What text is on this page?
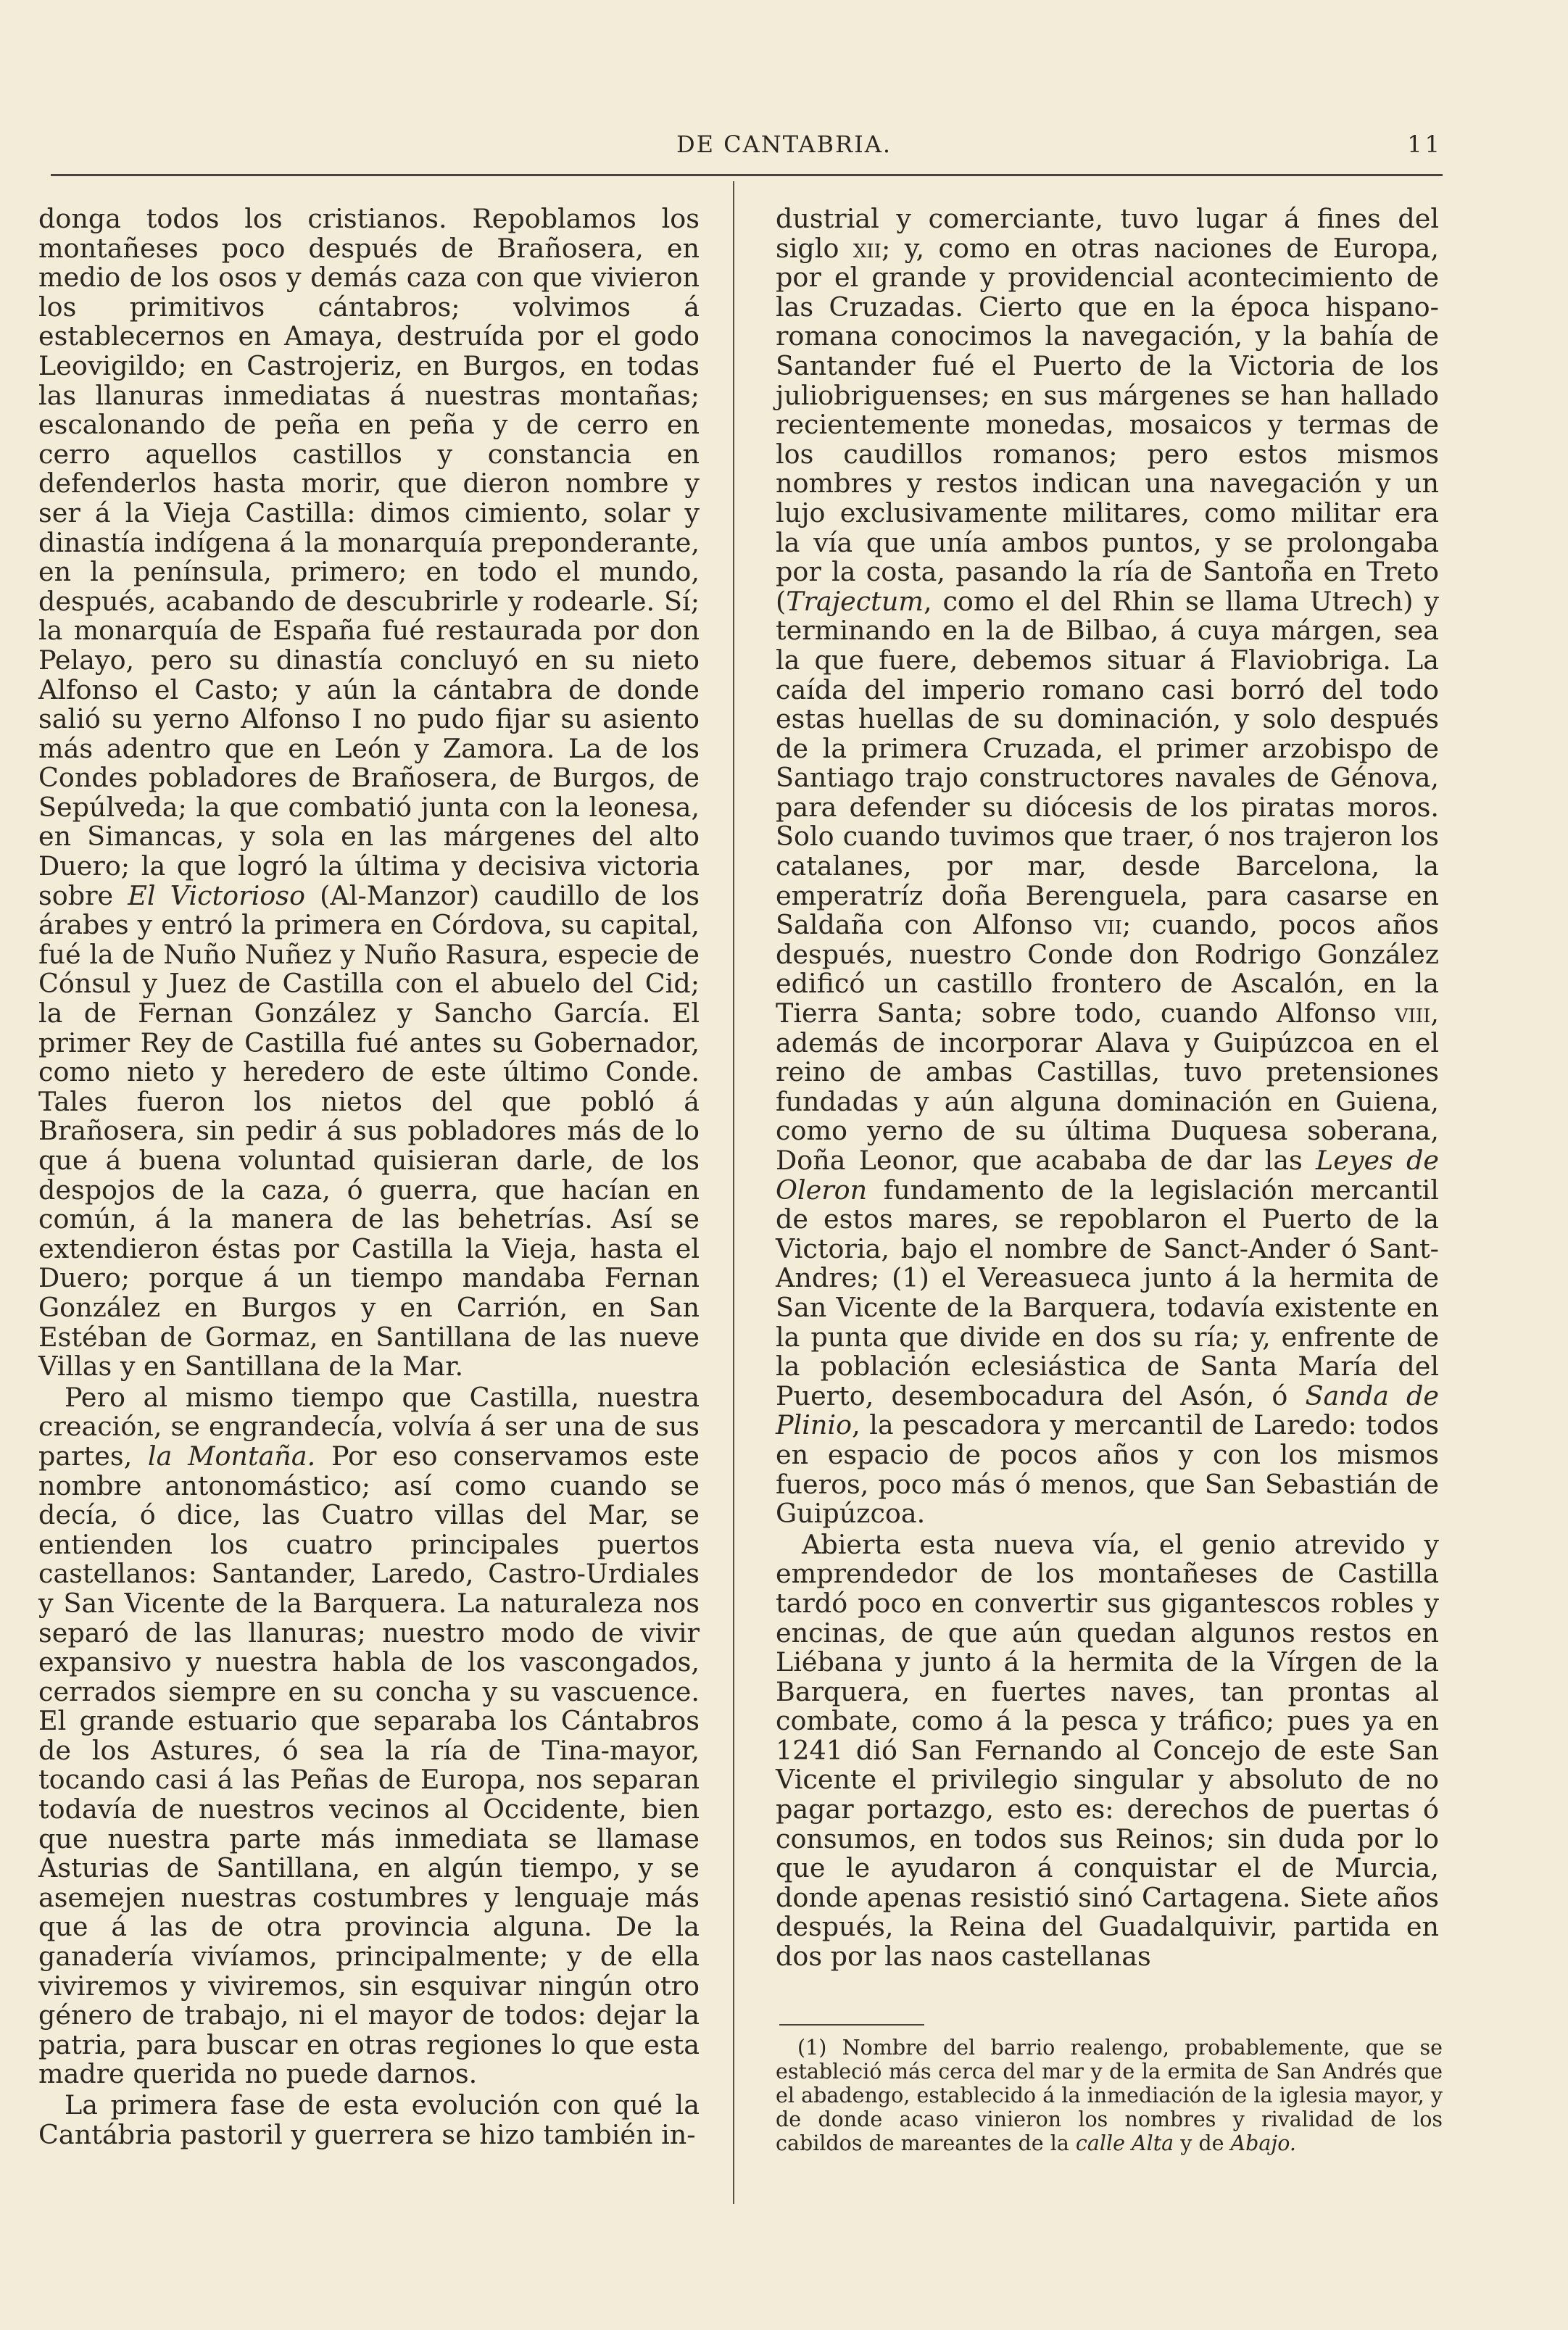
DE CANTABRIA.	11

donga todos los cristianos. Repoblamos los montañeses poco después de Brañosera, en medio de los osos y demás caza con que vivieron los primitivos cántabros; volvimos á establecernos en Amaya, destruída por el godo Leovigildo; en Castrojeriz, en Burgos, en todas las llanuras inmediatas á nuestras montañas; escalonando de peña en peña y de cerro en cerro aquellos castillos y constancia en defenderlos hasta morir, que dieron nombre y ser á la Vieja Castilla: dimos cimiento, solar y dinastía indígena á la monarquía preponderante, en la península, primero; en todo el mundo, después, acabando de descubrirle y rodearle. Sí; la monarquía de España fué restaurada por don Pelayo, pero su dinastía concluyó en su nieto Alfonso el Casto; y aún la cántabra de donde salió su yerno Alfonso I no pudo fijar su asiento más adentro que en León y Zamora. La de los Condes pobladores de Brañosera, de Burgos, de Sepúlveda; la que combatió junta con la leonesa, en Simancas, y sola en las márgenes del alto Duero; la que logró la última y decisiva victoria sobre El Victorioso (Al-Manzor) caudillo de los árabes y entró la primera en Córdova, su capital, fué la de Nuño Nuñez y Nuño Rasura, especie de Cónsul y Juez de Castilla con el abuelo del Cid; la de Fernan González y Sancho García. El primer Rey de Castilla fué antes su Gobernador, como nieto y heredero de este último Conde. Tales fueron los nietos del que pobló á Brañosera, sin pedir á sus pobladores más de lo que á buena voluntad quisieran darle, de los despojos de la caza, ó guerra, que hacían en común, á la manera de las behetrías. Así se extendieron éstas por Castilla la Vieja, hasta el Duero; porque á un tiempo mandaba Fernan González en Burgos y en Carrión, en San Estéban de Gormaz, en Santillana de las nueve Villas y en Santillana de la Mar.

Pero al mismo tiempo que Castilla, nuestra creación, se engrandecía, volvía á ser una de sus partes, la Montaña. Por eso conservamos este nombre antonomástico; así como cuando se decía, ó dice, las Cuatro villas del Mar, se entienden los cuatro principales puertos castellanos: Santander, Laredo, Castro-Urdiales y San Vicente de la Barquera. La naturaleza nos separó de las llanuras; nuestro modo de vivir expansivo y nuestra habla de los vascongados, cerrados siempre en su concha y su vascuence. El grande estuario que separaba los Cántabros de los Astures, ó sea la ría de Tina-mayor, tocando casi á las Peñas de Europa, nos separan todavía de nuestros vecinos al Occidente, bien que nuestra parte más inmediata se llamase Asturias de Santillana, en algún tiempo, y se asemejen nuestras costumbres y lenguaje más que á las de otra provincia alguna. De la ganadería vivíamos, principalmente; y de ella viviremos y viviremos, sin esquivar ningún otro género de trabajo, ni el mayor de todos: dejar la patria, para buscar en otras regiones lo que esta madre querida no puede darnos.

La primera fase de esta evolución con qué la Cantábria pastoril y guerrera se hizo también in-

dustrial y comerciante, tuvo lugar á fines del siglo xii; y, como en otras naciones de Europa, por el grande y providencial acontecimiento de las Cruzadas. Cierto que en la época hispano-romana conocimos la navegación, y la bahía de Santander fué el Puerto de la Victoria de los juliobriguenses; en sus márgenes se han hallado recientemente monedas, mosaicos y termas de los caudillos romanos; pero estos mismos nombres y restos indican una navegación y un lujo exclusivamente militares, como militar era la vía que unía ambos puntos, y se prolongaba por la costa, pasando la ría de Santoña en Treto (Trajectum, como el del Rhin se llama Utrech) y terminando en la de Bilbao, á cuya márgen, sea la que fuere, debemos situar á Flaviobriga. La caída del imperio romano casi borró del todo estas huellas de su dominación, y solo después de la primera Cruzada, el primer arzobispo de Santiago trajo constructores navales de Génova, para defender su diócesis de los piratas moros. Solo cuando tuvimos que traer, ó nos trajeron los catalanes, por mar, desde Barcelona, la emperatríz doña Berenguela, para casarse en Saldaña con Alfonso vii; cuando, pocos años después, nuestro Conde don Rodrigo González edificó un castillo frontero de Ascalón, en la Tierra Santa; sobre todo, cuando Alfonso viii, además de incorporar Alava y Guipúzcoa en el reino de ambas Castillas, tuvo pretensiones fundadas y aún alguna dominación en Guiena, como yerno de su última Duquesa soberana, Doña Leonor, que acababa de dar las Leyes de Oleron fundamento de la legislación mercantil de estos mares, se repoblaron el Puerto de la Victoria, bajo el nombre de Sanct-Ander ó Sant-Andres; (1) el Vereasueca junto á la hermita de San Vicente de la Barquera, todavía existente en la punta que divide en dos su ría; y, enfrente de la población eclesiástica de Santa María del Puerto, desembocadura del Asón, ó Sanda de Plinio, la pescadora y mercantil de Laredo: todos en espacio de pocos años y con los mismos fueros, poco más ó menos, que San Sebastián de Guipúzcoa.

Abierta esta nueva vía, el genio atrevido y emprendedor de los montañeses de Castilla tardó poco en convertir sus gigantescos robles y encinas, de que aún quedan algunos restos en Liébana y junto á la hermita de la Vírgen de la Barquera, en fuertes naves, tan prontas al combate, como á la pesca y tráfico; pues ya en 1241 dió San Fernando al Concejo de este San Vicente el privilegio singular y absoluto de no pagar portazgo, esto es: derechos de puertas ó consumos, en todos sus Reinos; sin duda por lo que le ayudaron á conquistar el de Murcia, donde apenas resistió sinó Cartagena. Siete años después, la Reina del Guadalquivir, partida en dos por las naos castellanas

(1) Nombre del barrio realengo, probablemente, que se estableció más cerca del mar y de la ermita de San Andrés que el abadengo, establecido á la inmediación de la iglesia mayor, y de donde acaso vinieron los nombres y rivalidad de los cabildos de mareantes de la calle Alta y de Abajo.
